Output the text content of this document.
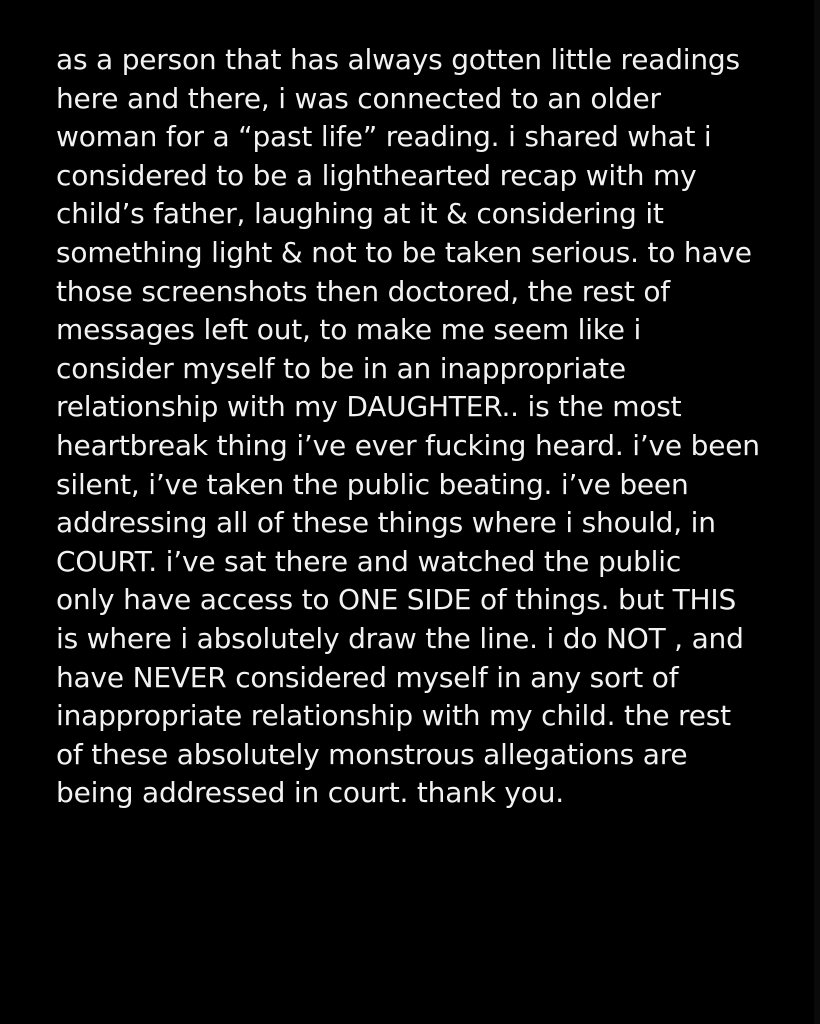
as a person that has always gotten little readings
here and there, i was connected to an older
woman for a “past life” reading. i shared what i
considered to be a lighthearted recap with my
child’s father, laughing at it & considering it
something light & not to be taken serious. to have
those screenshots then doctored, the rest of
messages left out, to make me seem like i
consider myself to be in an inappropriate
relationship with my DAUGHTER.. is the most
heartbreak thing i’ve ever fucking heard. i’ve been
silent, i’ve taken the public beating. i’ve been
addressing all of these things where i should, in
COURT. i’ve sat there and watched the public
only have access to ONE SIDE of things. but THIS
is where i absolutely draw the line. i do NOT , and
have NEVER considered myself in any sort of
inappropriate relationship with my child. the rest
of these absolutely monstrous allegations are
being addressed in court. thank you.
